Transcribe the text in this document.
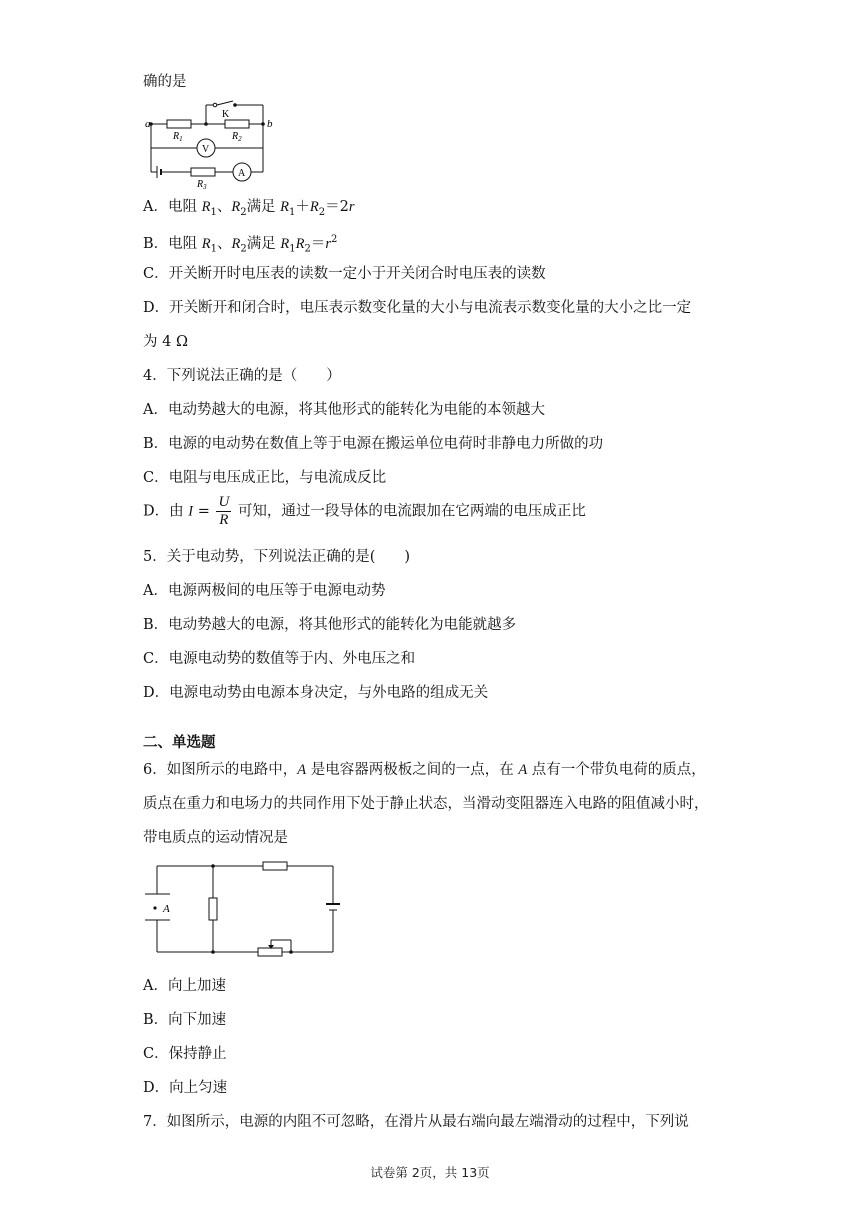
确的是
a	b
K
$R_1$	$R_2$
$R_3$
V
A
A．电阻 $R_1$、$R_2$满足 $R_1+R_2=2r$
B．电阻 $R_1$、$R_2$满足 $R_1R_2=r^2$
C．开关断开时电压表的读数一定小于开关闭合时电压表的读数
D．开关断开和闭合时，电压表示数变化量的大小与电流表示数变化量的大小之比一定
为 4 Ω
4．下列说法正确的是（　　）
A．电动势越大的电源，将其他形式的能转化为电能的本领越大
B．电源的电动势在数值上等于电源在搬运单位电荷时非静电力所做的功
C．电阻与电压成正比，与电流成反比
D．由 $I = \frac{U}{R}$ 可知，通过一段导体的电流跟加在它两端的电压成正比
5．关于电动势，下列说法正确的是(　　)
A．电源两极间的电压等于电源电动势
B．电动势越大的电源，将其他形式的能转化为电能就越多
C．电源电动势的数值等于内、外电压之和
D．电源电动势由电源本身决定，与外电路的组成无关
二、单选题
6．如图所示的电路中，A 是电容器两极板之间的一点，在 A 点有一个带负电荷的质点，
质点在重力和电场力的共同作用下处于静止状态，当滑动变阻器连入电路的阻值减小时，
带电质点的运动情况是
A
A．向上加速
B．向下加速
C．保持静止
D．向上匀速
7．如图所示，电源的内阻不可忽略，在滑片从最右端向最左端滑动的过程中，下列说
试卷第 2页，共 13页
